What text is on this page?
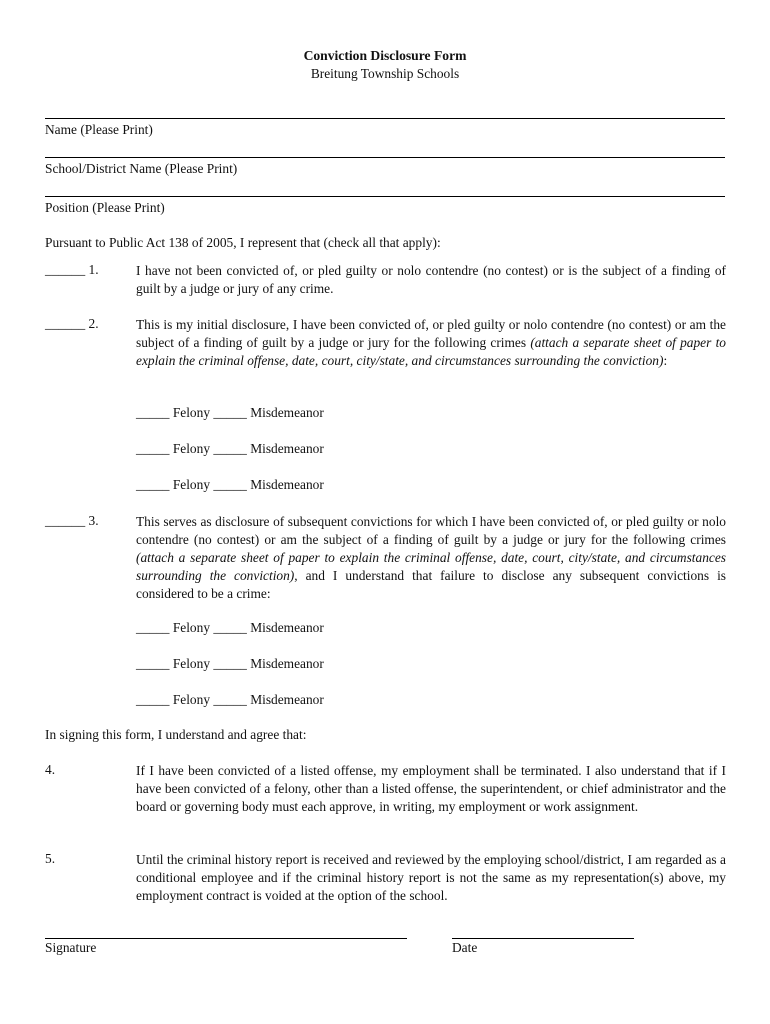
Conviction Disclosure Form
Breitung Township Schools
Name (Please Print)
School/District Name (Please Print)
Position (Please Print)
Pursuant to Public Act 138 of 2005, I represent that (check all that apply):
______ 1.	I have not been convicted of, or pled guilty or nolo contendre (no contest) or is the subject of a finding of guilt by a judge or jury of any crime.
______ 2.	This is my initial disclosure, I have been convicted of, or pled guilty or nolo contendre (no contest) or am the subject of a finding of guilt by a judge or jury for the following crimes (attach a separate sheet of paper to explain the criminal offense, date, court, city/state, and circumstances surrounding the conviction):
_____ Felony _____ Misdemeanor
_____ Felony _____ Misdemeanor
_____ Felony _____ Misdemeanor
______ 3.	This serves as disclosure of subsequent convictions for which I have been convicted of, or pled guilty or nolo contendre (no contest) or am the subject of a finding of guilt by a judge or jury for the following crimes (attach a separate sheet of paper to explain the criminal offense, date, court, city/state, and circumstances surrounding the conviction), and I understand that failure to disclose any subsequent convictions is considered to be a crime:
_____ Felony _____ Misdemeanor
_____ Felony _____ Misdemeanor
_____ Felony _____ Misdemeanor
In signing this form, I understand and agree that:
4.	If I have been convicted of a listed offense, my employment shall be terminated. I also understand that if I have been convicted of a felony, other than a listed offense, the superintendent, or chief administrator and the board or governing body must each approve, in writing, my employment or work assignment.
5.	Until the criminal history report is received and reviewed by the employing school/district, I am regarded as a conditional employee and if the criminal history report is not the same as my representation(s) above, my employment contract is voided at the option of the school.
Signature	Date
